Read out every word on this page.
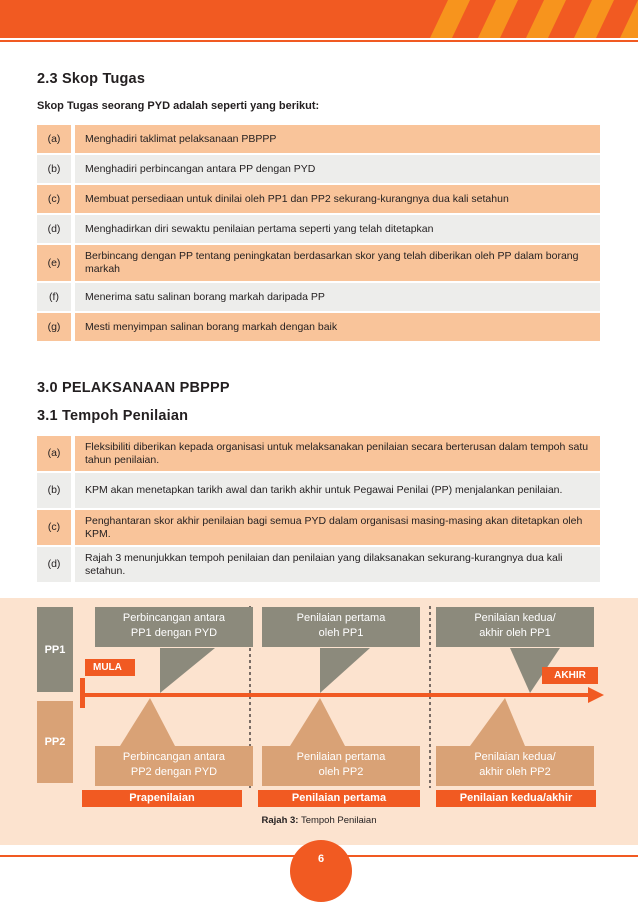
2.3 Skop Tugas
Skop Tugas seorang PYD adalah seperti yang berikut:
(a)	Menghadiri taklimat pelaksanaan PBPPP
(b)	Menghadiri perbincangan antara PP dengan PYD
(c)	Membuat persediaan untuk dinilai oleh PP1 dan PP2 sekurang-kurangnya dua kali setahun
(d)	Menghadirkan diri sewaktu penilaian pertama seperti yang telah ditetapkan
(e)	Berbincang dengan PP tentang peningkatan berdasarkan skor yang telah diberikan oleh PP dalam borang markah
(f)	Menerima satu salinan borang markah daripada PP
(g)	Mesti menyimpan salinan borang markah dengan baik
3.0 PELAKSANAAN PBPPP
3.1 Tempoh Penilaian
(a)	Fleksibiliti diberikan kepada organisasi untuk melaksanakan penilaian secara berterusan dalam tempoh satu tahun penilaian.
(b)	KPM akan menetapkan tarikh awal dan tarikh akhir untuk Pegawai Penilai (PP) menjalankan penilaian.
(c)	Penghantaran skor akhir penilaian bagi semua PYD dalam organisasi masing-masing akan ditetapkan oleh KPM.
(d)	Rajah 3 menunjukkan tempoh penilaian dan penilaian yang dilaksanakan sekurang-kurangnya dua kali setahun.
PP1
PP2
Perbincangan antara
PP1 dengan PYD
Penilaian pertama
oleh PP1
Penilaian kedua/
akhir oleh PP1
MULA
AKHIR
Perbincangan antara
PP2 dengan PYD
Penilaian pertama
oleh PP2
Penilaian kedua/
akhir oleh PP2
Prapenilaian	Penilaian pertama	Penilaian kedua/akhir
Rajah 3: Tempoh Penilaian
6
